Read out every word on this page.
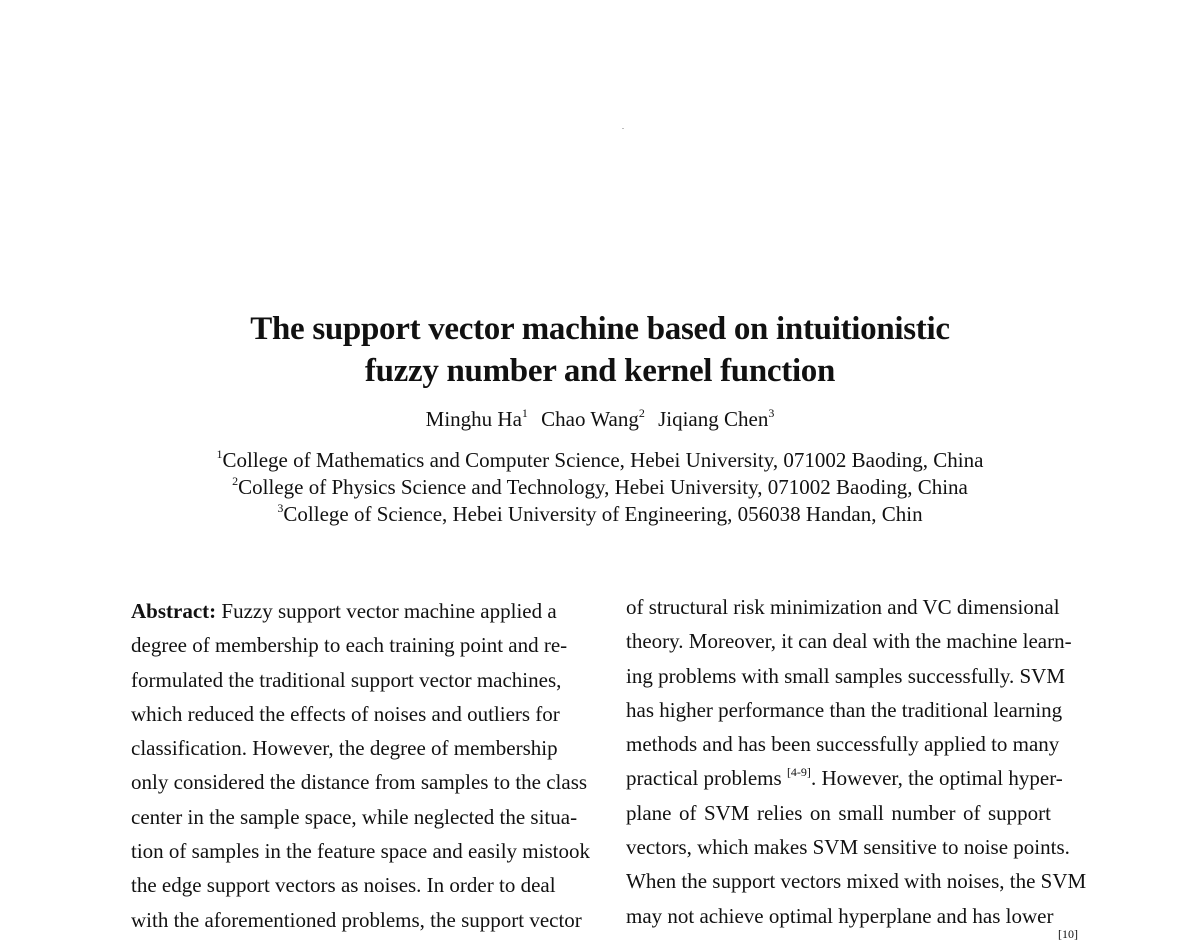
The support vector machine based on intuitionistic
fuzzy number and kernel function
Minghu Ha$^1$ Chao Wang$^2$ Jiqiang Chen$^3$
$^1$College of Mathematics and Computer Science, Hebei University, 071002 Baoding, China
$^2$College of Physics Science and Technology, Hebei University, 071002 Baoding, China
$^3$College of Science, Hebei University of Engineering, 056038 Handan, Chin
Abstract: Fuzzy support vector machine applied a
degree of membership to each training point and re-
formulated the traditional support vector machines,
which reduced the effects of noises and outliers for
classification. However, the degree of membership
only considered the distance from samples to the class
center in the sample space, while neglected the situa-
tion of samples in the feature space and easily mistook
the edge support vectors as noises. In order to deal
with the aforementioned problems, the support vector
of structural risk minimization and VC dimensional
theory. Moreover, it can deal with the machine learn-
ing problems with small samples successfully. SVM
has higher performance than the traditional learning
methods and has been successfully applied to many
practical problems [4-9]. However, the optimal hyper-
plane of SVM relies on small number of support
vectors, which makes SVM sensitive to noise points.
When the support vectors mixed with noises, the SVM
may not achieve optimal hyperplane and has lower
[10]
